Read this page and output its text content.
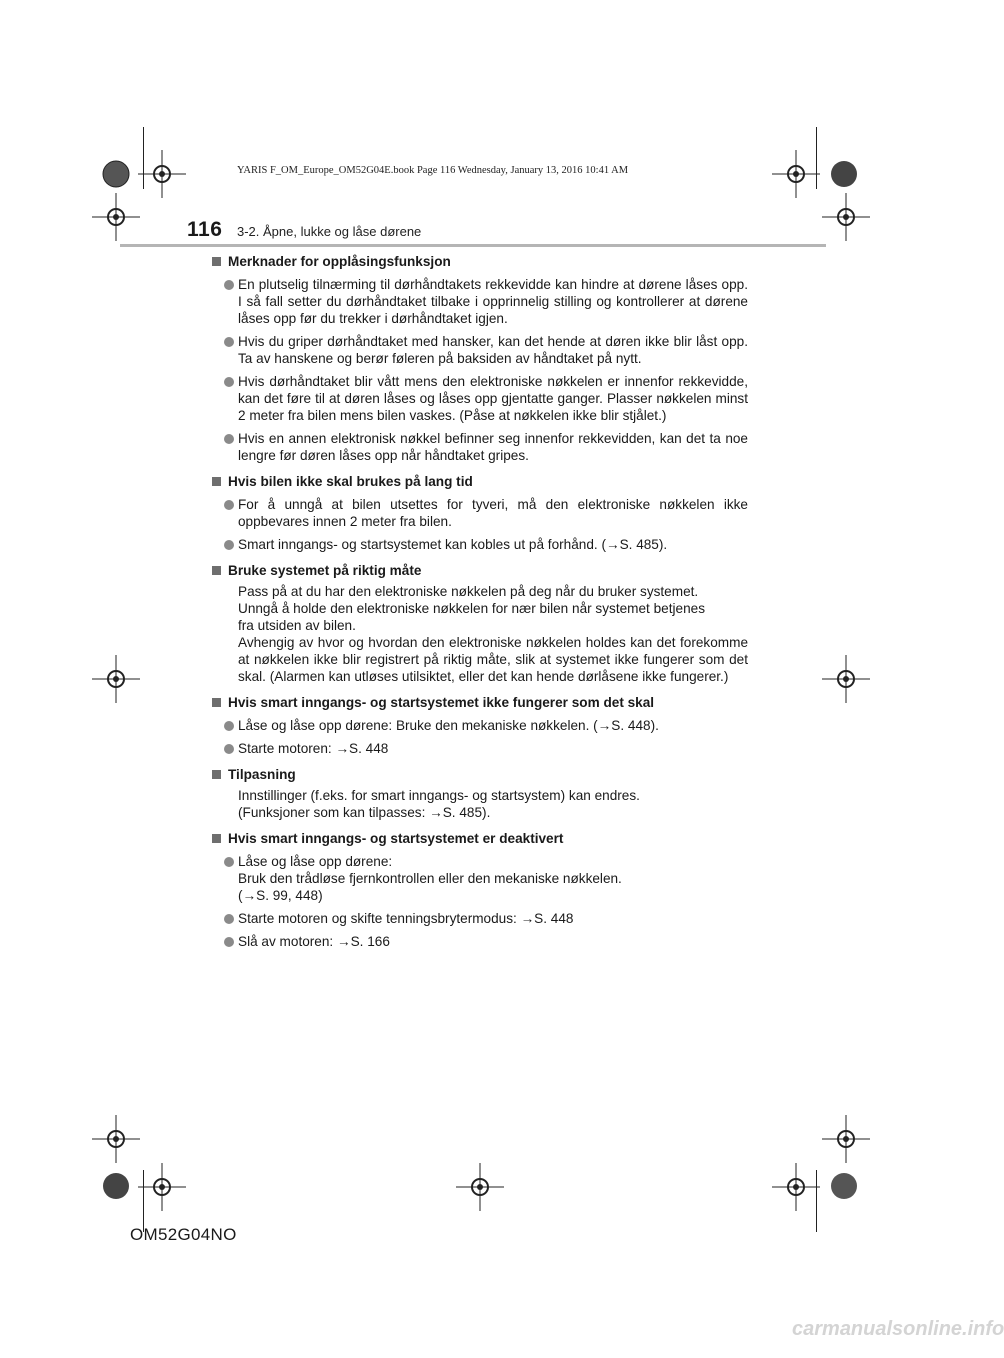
YARIS F_OM_Europe_OM52G04E.book Page 116 Wednesday, January 13, 2016 10:41 AM
116 3-2. Åpne, lukke og låse dørene
Merknader for opplåsingsfunksjon
En plutselig tilnærming til dørhåndtakets rekkevidde kan hindre at dørene låses opp. I så fall setter du dørhåndtaket tilbake i opprinnelig stilling og kontrollerer at dørene låses opp før du trekker i dørhåndtaket igjen.
Hvis du griper dørhåndtaket med hansker, kan det hende at døren ikke blir låst opp. Ta av hanskene og berør føleren på baksiden av håndtaket på nytt.
Hvis dørhåndtaket blir vått mens den elektroniske nøkkelen er innenfor rekkevidde, kan det føre til at døren låses og låses opp gjentatte ganger. Plasser nøkkelen minst 2 meter fra bilen mens bilen vaskes. (Påse at nøkkelen ikke blir stjålet.)
Hvis en annen elektronisk nøkkel befinner seg innenfor rekkevidden, kan det ta noe lengre før døren låses opp når håndtaket gripes.
Hvis bilen ikke skal brukes på lang tid
For å unngå at bilen utsettes for tyveri, må den elektroniske nøkkelen ikke oppbevares innen 2 meter fra bilen.
Smart inngangs- og startsystemet kan kobles ut på forhånd. (→S. 485).
Bruke systemet på riktig måte
Pass på at du har den elektroniske nøkkelen på deg når du bruker systemet.
Unngå å holde den elektroniske nøkkelen for nær bilen når systemet betjenes
fra utsiden av bilen.
Avhengig av hvor og hvordan den elektroniske nøkkelen holdes kan det forekomme at nøkkelen ikke blir registrert på riktig måte, slik at systemet ikke fungerer som det skal. (Alarmen kan utløses utilsiktet, eller det kan hende dørlåsene ikke fungerer.)
Hvis smart inngangs- og startsystemet ikke fungerer som det skal
Låse og låse opp dørene: Bruke den mekaniske nøkkelen. (→S. 448).
Starte motoren: →S. 448
Tilpasning
Innstillinger (f.eks. for smart inngangs- og startsystem) kan endres.
(Funksjoner som kan tilpasses: →S. 485).
Hvis smart inngangs- og startsystemet er deaktivert
Låse og låse opp dørene:
Bruk den trådløse fjernkontrollen eller den mekaniske nøkkelen.
(→S. 99, 448)
Starte motoren og skifte tenningsbrytermodus: →S. 448
Slå av motoren: →S. 166
OM52G04NO
carmanualsonline.info
